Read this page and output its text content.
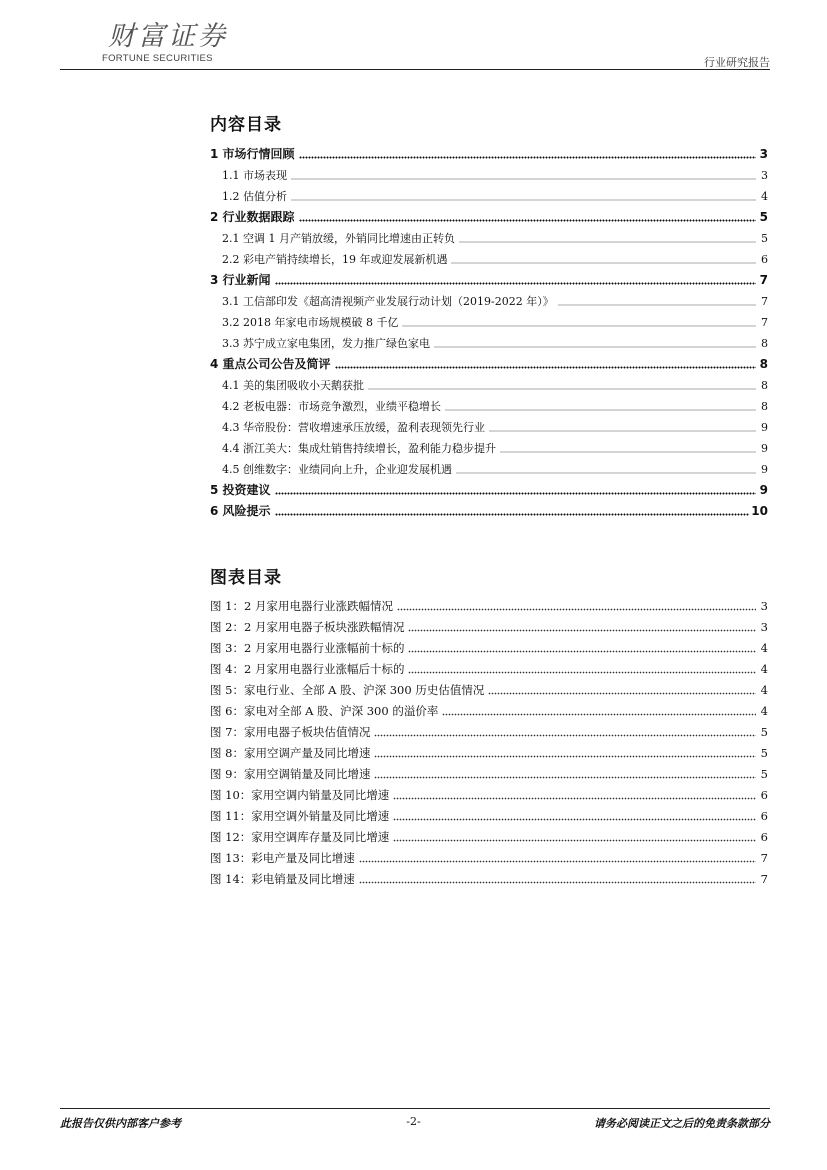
财富证券
FORTUNE SECURITIES	行业研究报告
内容目录
1 市场行情回顾	3
1.1 市场表现	3
1.2 估值分析	4
2 行业数据跟踪	5
2.1 空调 1 月产销放缓，外销同比增速由正转负	5
2.2 彩电产销持续增长，19 年或迎发展新机遇	6
3 行业新闻	7
3.1 工信部印发《超高清视频产业发展行动计划（2019-2022 年）》	7
3.2 2018 年家电市场规模破 8 千亿	7
3.3 苏宁成立家电集团，发力推广绿色家电	8
4 重点公司公告及简评	8
4.1 美的集团吸收小天鹅获批	8
4.2 老板电器：市场竞争激烈，业绩平稳增长	8
4.3 华帝股份：营收增速承压放缓，盈利表现领先行业	9
4.4 浙江美大：集成灶销售持续增长，盈利能力稳步提升	9
4.5 创维数字：业绩同向上升，企业迎发展机遇	9
5 投资建议	9
6 风险提示	10
图表目录
图 1：2 月家用电器行业涨跌幅情况	3
图 2：2 月家用电器子板块涨跌幅情况	3
图 3：2 月家用电器行业涨幅前十标的	4
图 4：2 月家用电器行业涨幅后十标的	4
图 5：家电行业、全部 A 股、沪深 300 历史估值情况	4
图 6：家电对全部 A 股、沪深 300 的溢价率	4
图 7：家用电器子板块估值情况	5
图 8：家用空调产量及同比增速	5
图 9：家用空调销量及同比增速	5
图 10：家用空调内销量及同比增速	6
图 11：家用空调外销量及同比增速	6
图 12：家用空调库存量及同比增速	6
图 13：彩电产量及同比增速	7
图 14：彩电销量及同比增速	7
此报告仅供内部客户参考	-2-	请务必阅读正文之后的免责条款部分
